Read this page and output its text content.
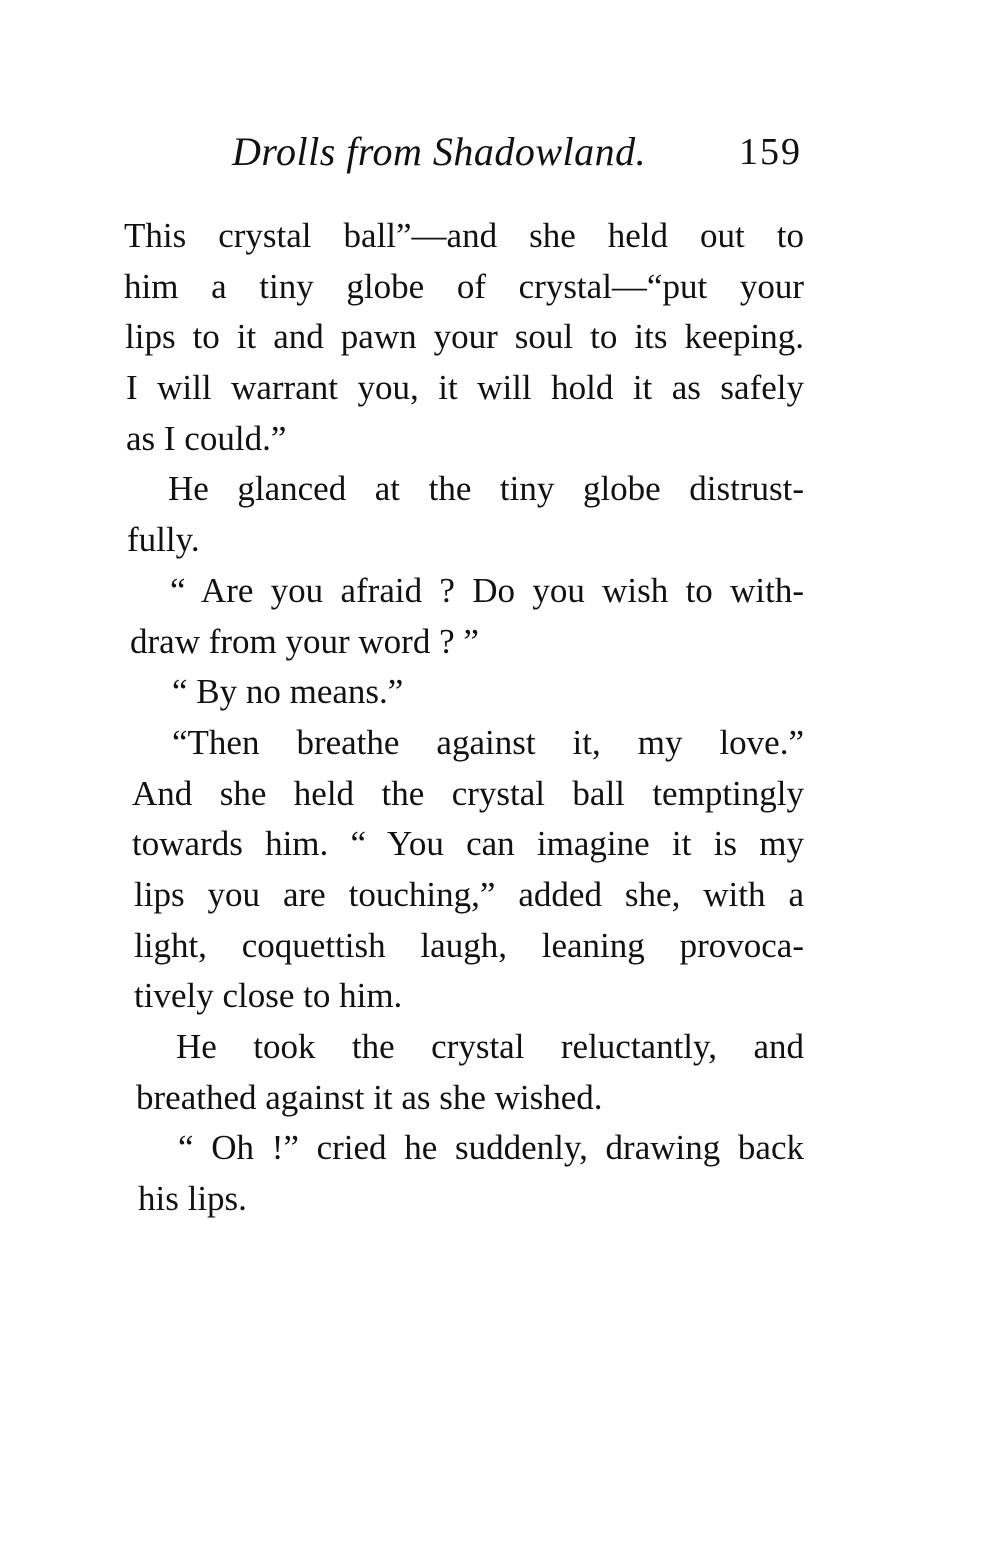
Drolls from Shadowland. 159
This crystal ball”—and she held out to
him a tiny globe of crystal—“put your
lips to it and pawn your soul to its keeping.
I will warrant you, it will hold it as safely
as I could.”
He glanced at the tiny globe distrust-
fully.
“ Are you afraid ? Do you wish to with-
draw from your word ? ”
“ By no means.”
“Then breathe against it, my love.”
And she held the crystal ball temptingly
towards him. “ You can imagine it is my
lips you are touching,” added she, with a
light, coquettish laugh, leaning provoca-
tively close to him.
He took the crystal reluctantly, and
breathed against it as she wished.
“ Oh !” cried he suddenly, drawing back
his lips.
